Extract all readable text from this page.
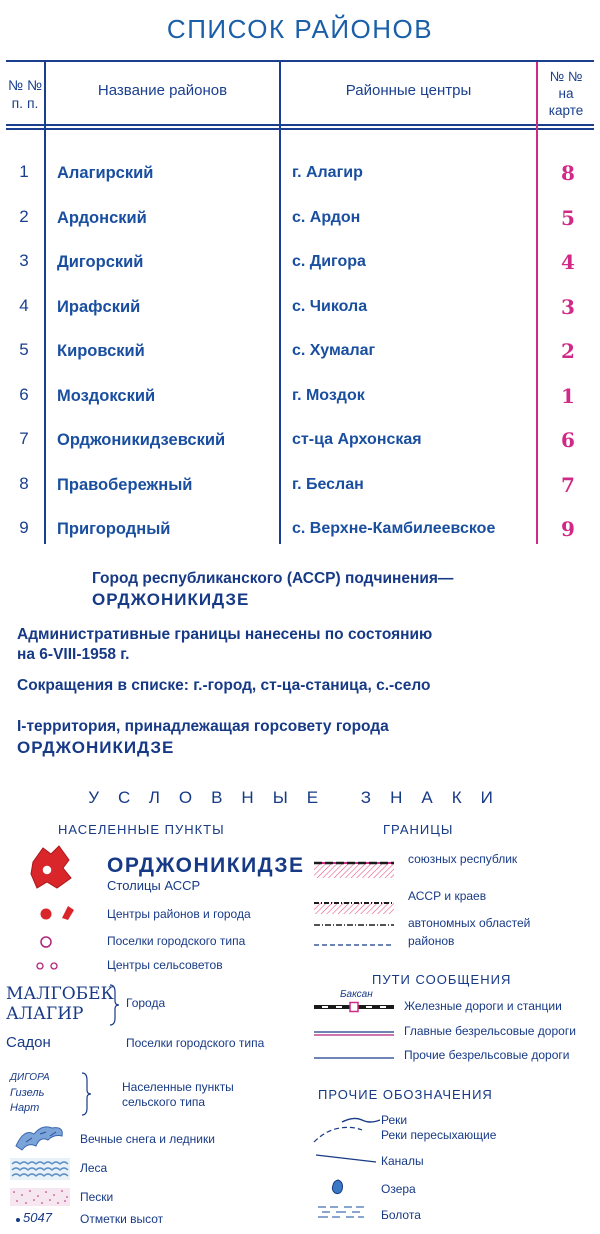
СПИСОК РАЙОНОВ
№ №
п. п.
Название районов	Районные центры
№ №
на
карте
1	Алагирский	г. Алагир	8
2	Ардонский	с. Ардон	5
3	Дигорский	с. Дигора	4
4	Ирафский	с. Чикола	3
5	Кировский	с. Хумалаг	2
6	Моздокский	г. Моздок	1
7	Орджоникидзевский	ст-ца Архонская	6
8	Правобережный	г. Беслан	7
9	Пригородный	с. Верхне-Камбилеевское	9
Город республиканского (АССР) подчинения—
ОРДЖОНИКИДЗЕ
Административные границы нанесены по состоянию
на 6-VIII-1958 г.
Сокращения в списке: г.-город, ст-ца-станица, с.-село
I-территория, принадлежащая горсовету города
ОРДЖОНИКИДЗЕ
УСЛОВНЫЕ ЗНАКИ
НАСЕЛЕННЫЕ ПУНКТЫ
ОРДЖОНИКИДЗЕ
Столицы АССР
Центры районов и города
Поселки городского типа
Центры сельсоветов
МАЛГОБЕК
АЛАГИР
Города
Садон	Поселки городского типа
ДИГОРА
Гизель
Нарт
Населенные пункты
сельского типа
Вечные снега и ледники
Леса
Пески
5047 Отметки высот
ГРАНИЦЫ
союзных республик
АССР и краев
автономных областей
районов
ПУТИ СООБЩЕНИЯ
Баксан
Железные дороги и станции
Главные безрельсовые дороги
Прочие безрельсовые дороги
ПРОЧИЕ ОБОЗНАЧЕНИЯ
Реки
Реки пересыхающие
Каналы
Озера
Болота
